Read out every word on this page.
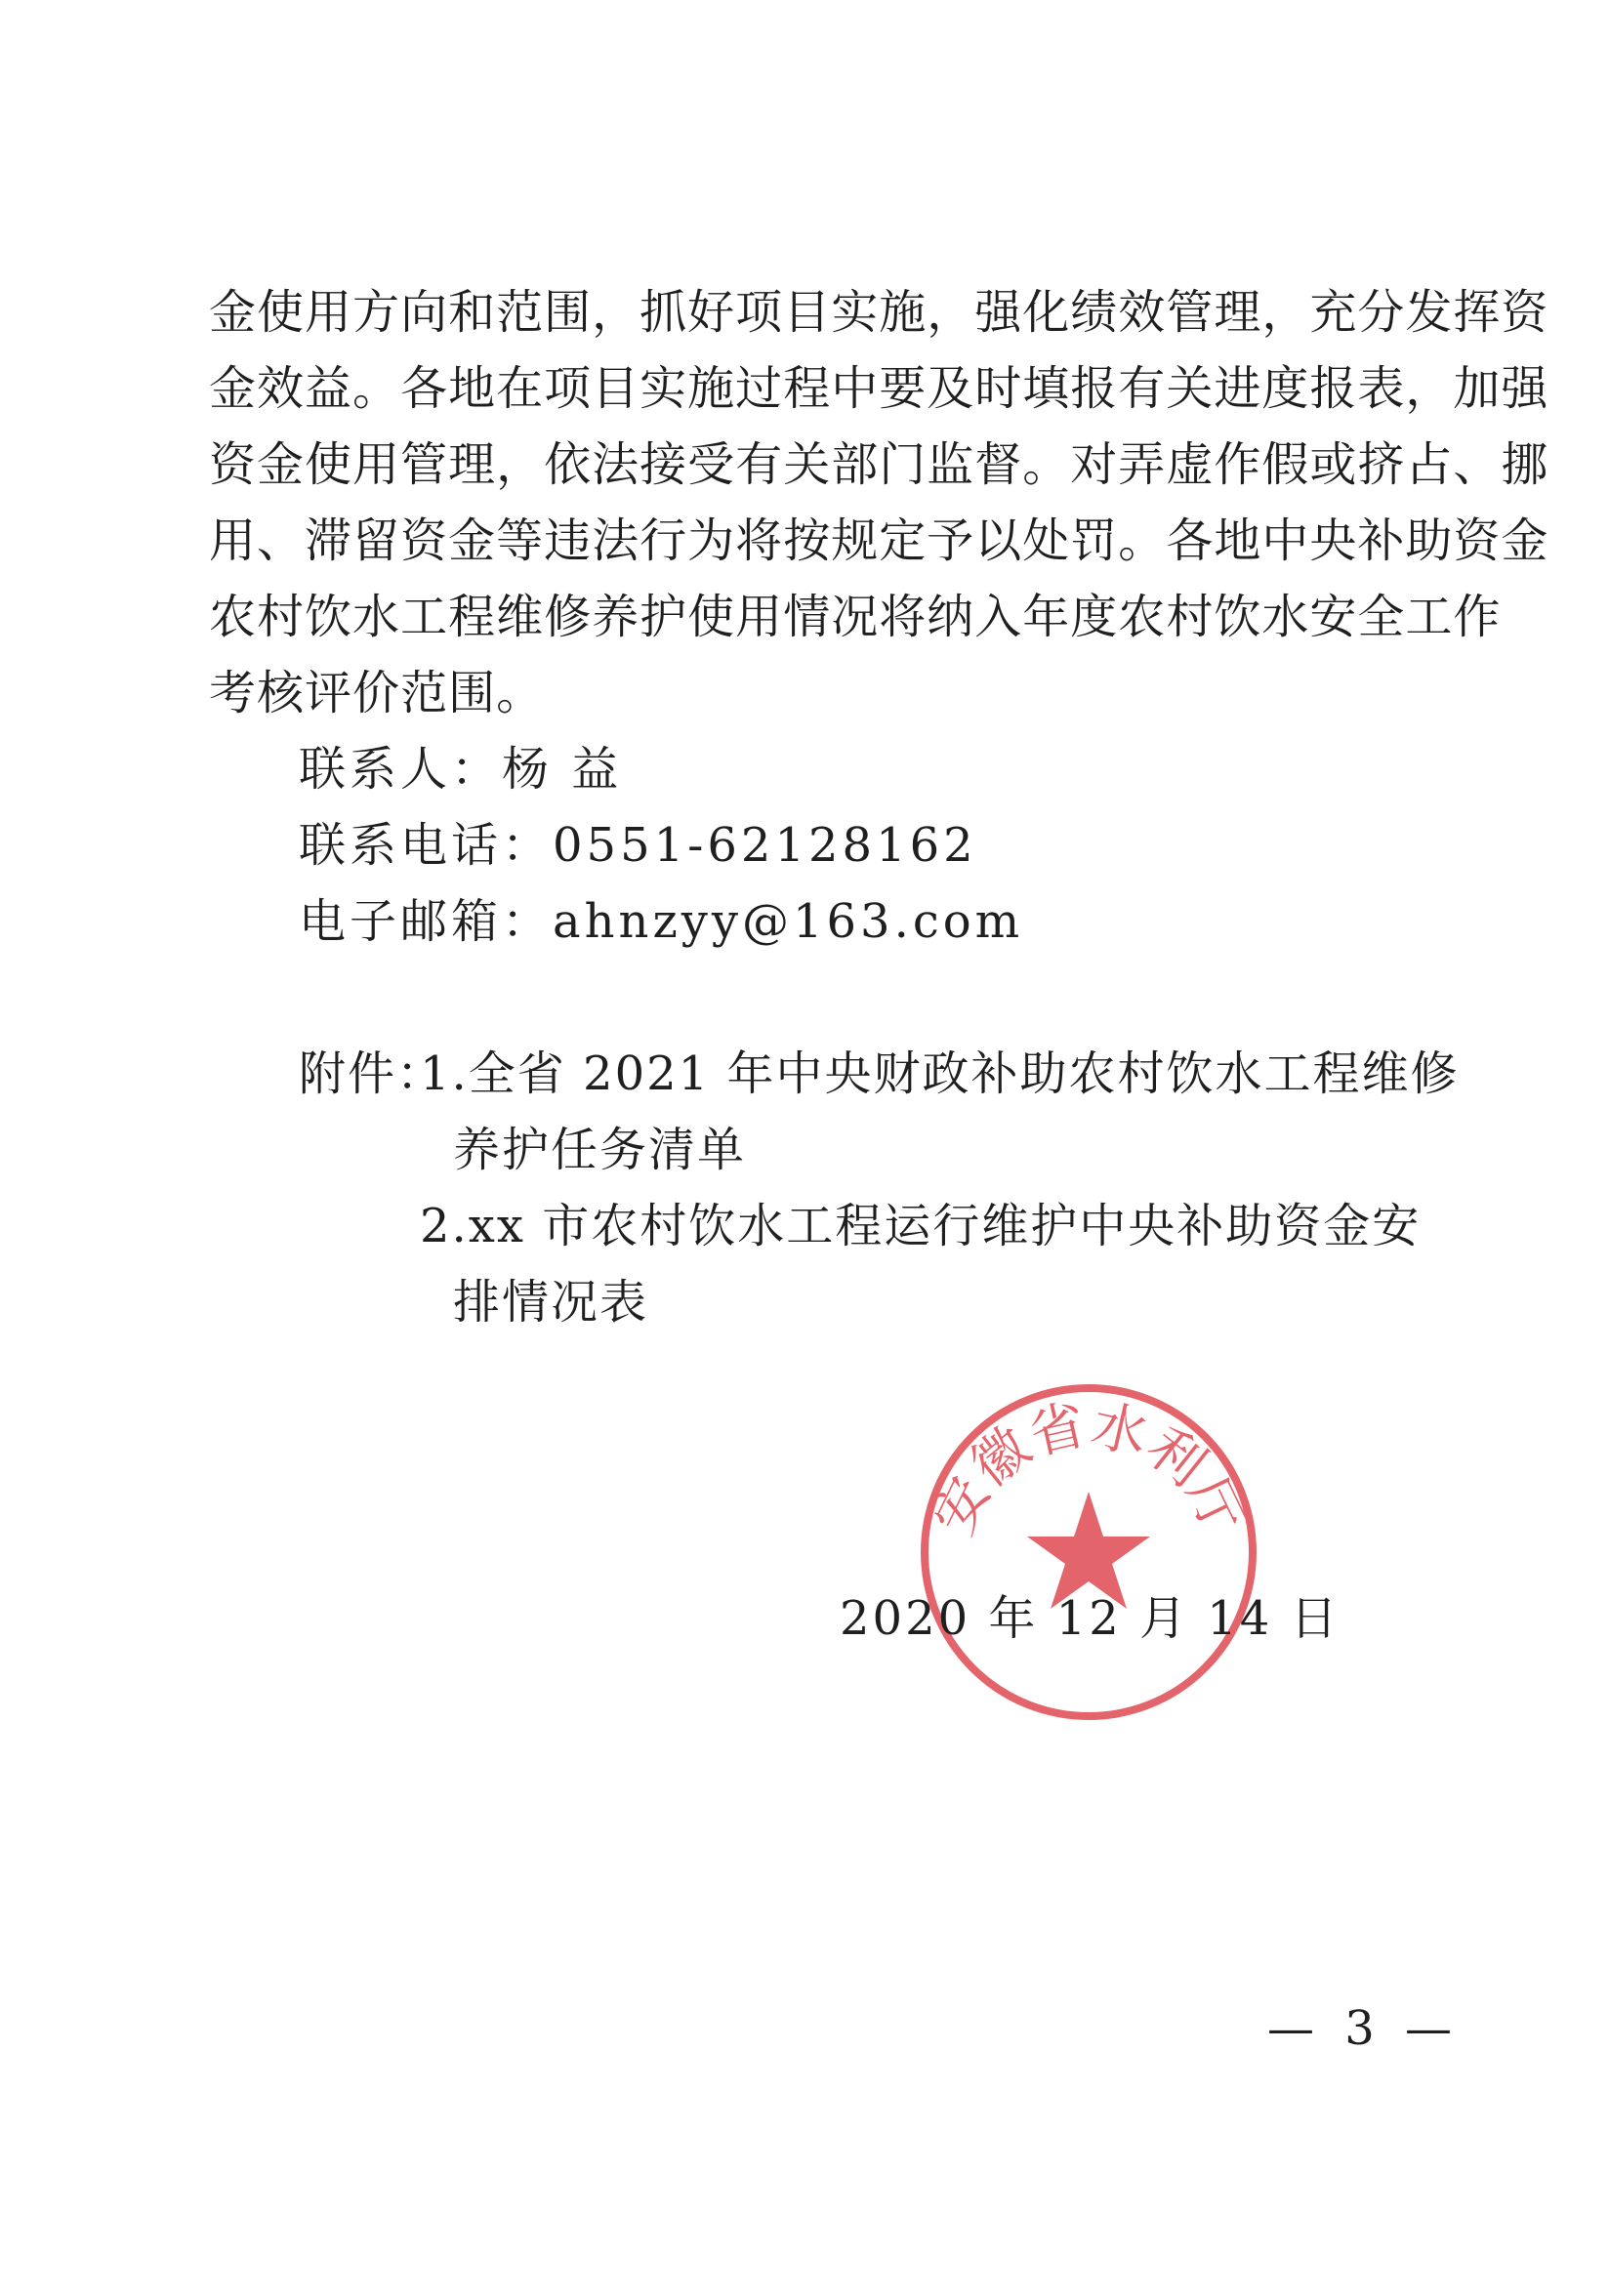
金 使 用 方 向 和 范 围 ， 抓 好 项 目 实 施 ， 强 化 绩 效 管 理 ， 充 分 发 挥 资

金 效 益 。 各 地 在 项 目 实 施 过 程 中 要 及 时 填 报 有 关 进 度 报 表 ， 加 强

资 金 使 用 管 理 ， 依 法 接 受 有 关 部 门 监 督 。 对 弄 虚 作 假 或 挤 占 、 挪

用 、 滞 留 资 金 等 违 法 行 为 将 按 规 定 予 以 处 罚 。 各 地 中 央 补 助 资 金

农 村 饮 水 工 程 维 修 养 护 使 用 情 况 将 纳 入 年 度 农 村 饮 水 安 全 工 作

考 核 评 价 范 围 。

联系人：杨 益

联系电话：0551-62128162

电子邮箱：ahnzyy@163.com

附件：

1.全省 2021 年中央财政补助农村饮水工程维修

养护任务清单

2.xx 市农村饮水工程运行维护中央补助资金安

排情况表

安徽省水利厅

2020 年 12 月 14 日

— 3 —
